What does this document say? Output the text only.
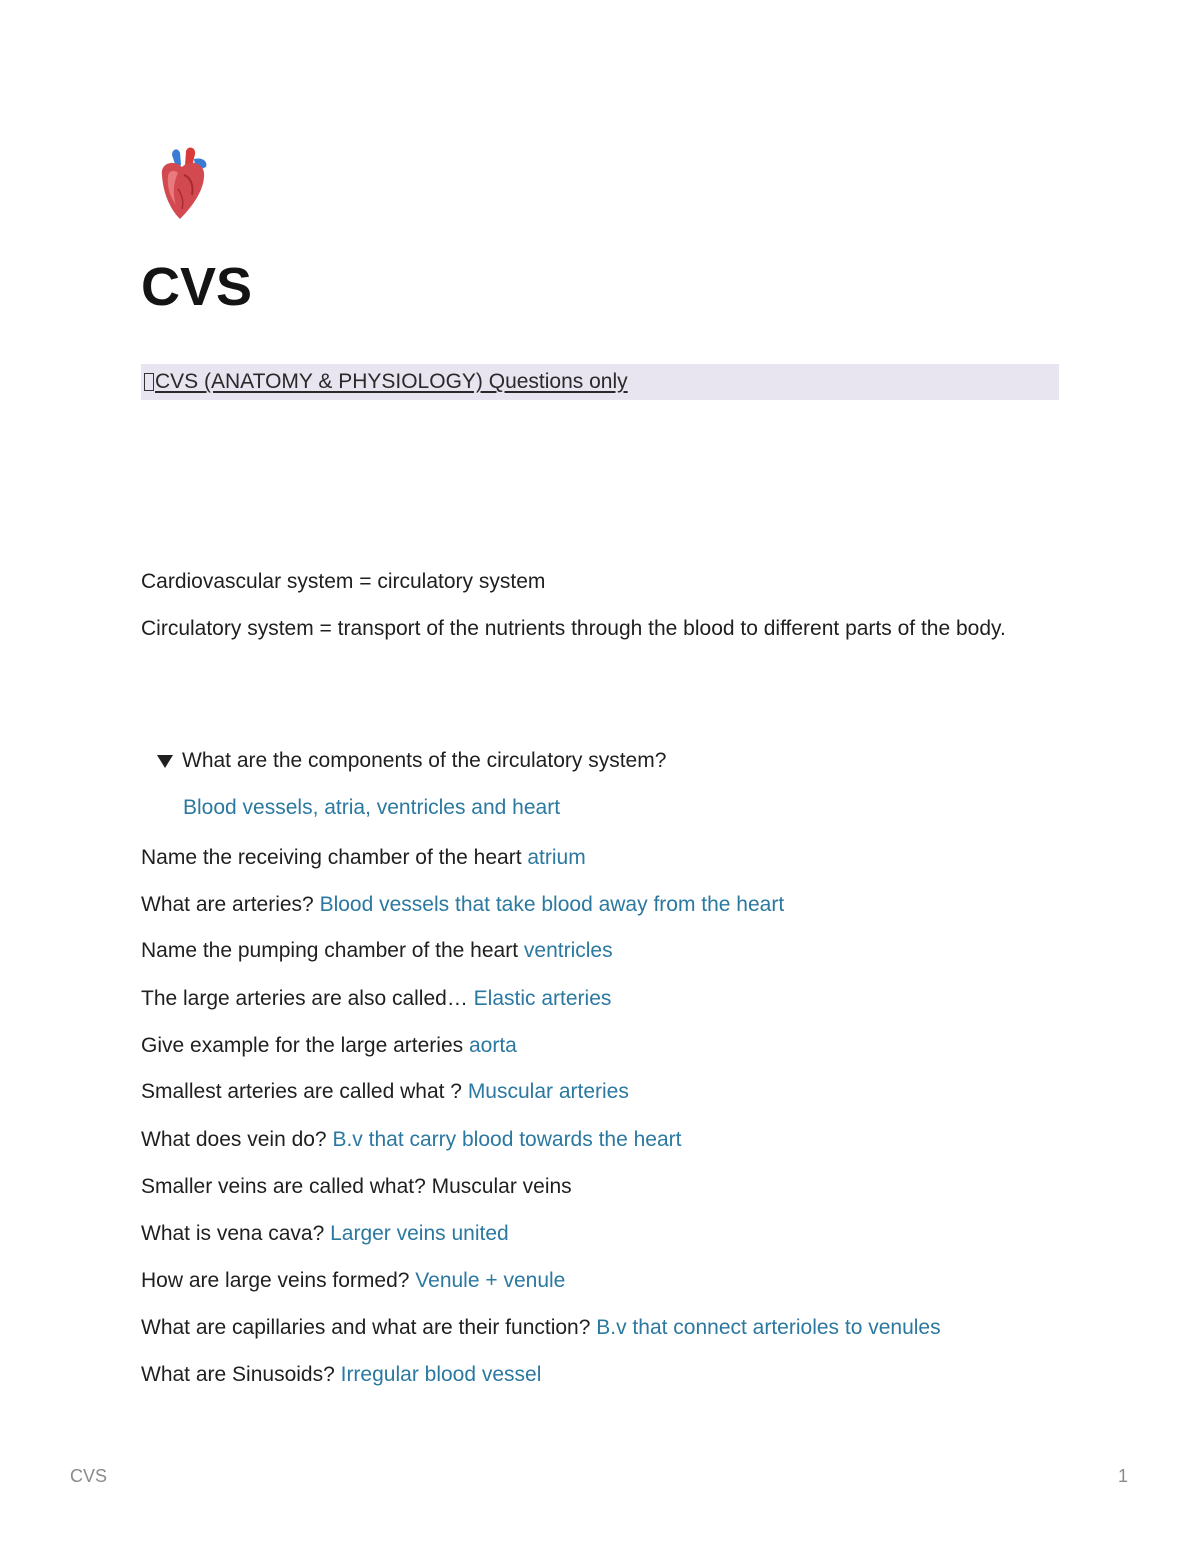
CVS
CVS (ANATOMY & PHYSIOLOGY) Questions only

Cardiovascular system = circulatory system

Circulatory system = transport of the nutrients through the blood to different parts of the body.

What are the components of the circulatory system?
Blood vessels, atria, ventricles and heart

Name the receiving chamber of the heart atrium

What are arteries? Blood vessels that take blood away from the heart

Name the pumping chamber of the heart ventricles

The large arteries are also called… Elastic arteries

Give example for the large arteries aorta

Smallest arteries are called what ? Muscular arteries

What does vein do? B.v that carry blood towards the heart

Smaller veins are called what? Muscular veins

What is vena cava? Larger veins united

How are large veins formed? Venule + venule

What are capillaries and what are their function? B.v that connect arterioles to venules

What are Sinusoids? Irregular blood vessel

CVS	1
